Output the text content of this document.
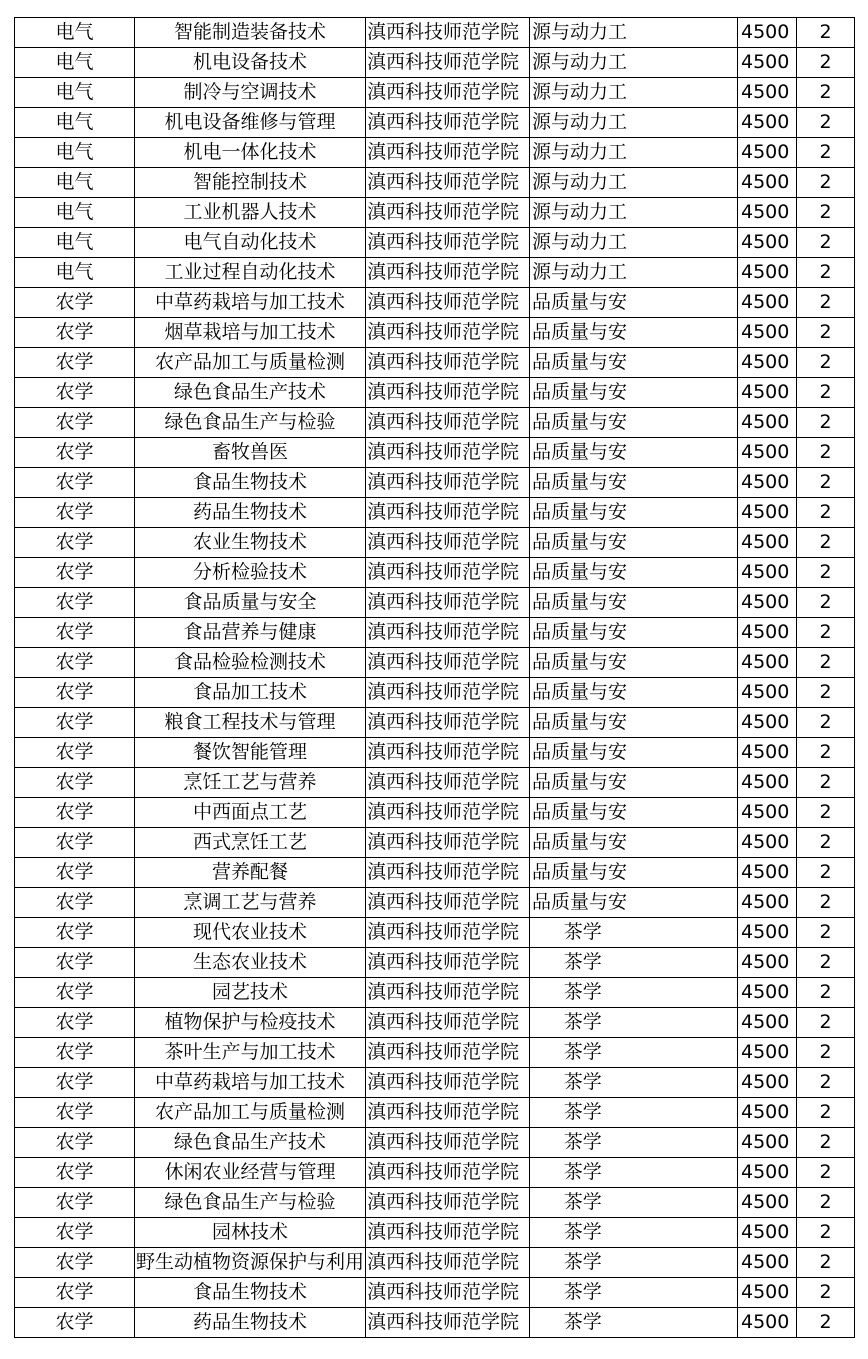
电气	智能制造装备技术	滇西科技师范学院	源与动力工		4500	2
电气	机电设备技术	滇西科技师范学院	源与动力工		4500	2
电气	制冷与空调技术	滇西科技师范学院	源与动力工		4500	2
电气	机电设备维修与管理	滇西科技师范学院	源与动力工		4500	2
电气	机电一体化技术	滇西科技师范学院	源与动力工		4500	2
电气	智能控制技术	滇西科技师范学院	源与动力工		4500	2
电气	工业机器人技术	滇西科技师范学院	源与动力工		4500	2
电气	电气自动化技术	滇西科技师范学院	源与动力工		4500	2
电气	工业过程自动化技术	滇西科技师范学院	源与动力工		4500	2
农学	中草药栽培与加工技术	滇西科技师范学院	品质量与安		4500	2
农学	烟草栽培与加工技术	滇西科技师范学院	品质量与安		4500	2
农学	农产品加工与质量检测	滇西科技师范学院	品质量与安		4500	2
农学	绿色食品生产技术	滇西科技师范学院	品质量与安		4500	2
农学	绿色食品生产与检验	滇西科技师范学院	品质量与安		4500	2
农学	畜牧兽医	滇西科技师范学院	品质量与安		4500	2
农学	食品生物技术	滇西科技师范学院	品质量与安		4500	2
农学	药品生物技术	滇西科技师范学院	品质量与安		4500	2
农学	农业生物技术	滇西科技师范学院	品质量与安		4500	2
农学	分析检验技术	滇西科技师范学院	品质量与安		4500	2
农学	食品质量与安全	滇西科技师范学院	品质量与安		4500	2
农学	食品营养与健康	滇西科技师范学院	品质量与安		4500	2
农学	食品检验检测技术	滇西科技师范学院	品质量与安		4500	2
农学	食品加工技术	滇西科技师范学院	品质量与安		4500	2
农学	粮食工程技术与管理	滇西科技师范学院	品质量与安		4500	2
农学	餐饮智能管理	滇西科技师范学院	品质量与安		4500	2
农学	烹饪工艺与营养	滇西科技师范学院	品质量与安		4500	2
农学	中西面点工艺	滇西科技师范学院	品质量与安		4500	2
农学	西式烹饪工艺	滇西科技师范学院	品质量与安		4500	2
农学	营养配餐	滇西科技师范学院	品质量与安		4500	2
农学	烹调工艺与营养	滇西科技师范学院	品质量与安		4500	2
农学	现代农业技术	滇西科技师范学院	茶学		4500	2
农学	生态农业技术	滇西科技师范学院	茶学		4500	2
农学	园艺技术	滇西科技师范学院	茶学		4500	2
农学	植物保护与检疫技术	滇西科技师范学院	茶学		4500	2
农学	茶叶生产与加工技术	滇西科技师范学院	茶学		4500	2
农学	中草药栽培与加工技术	滇西科技师范学院	茶学		4500	2
农学	农产品加工与质量检测	滇西科技师范学院	茶学		4500	2
农学	绿色食品生产技术	滇西科技师范学院	茶学		4500	2
农学	休闲农业经营与管理	滇西科技师范学院	茶学		4500	2
农学	绿色食品生产与检验	滇西科技师范学院	茶学		4500	2
农学	园林技术	滇西科技师范学院	茶学		4500	2
农学	野生动植物资源保护与利用	滇西科技师范学院	茶学		4500	2
农学	食品生物技术	滇西科技师范学院	茶学		4500	2
农学	药品生物技术	滇西科技师范学院	茶学		4500	2
